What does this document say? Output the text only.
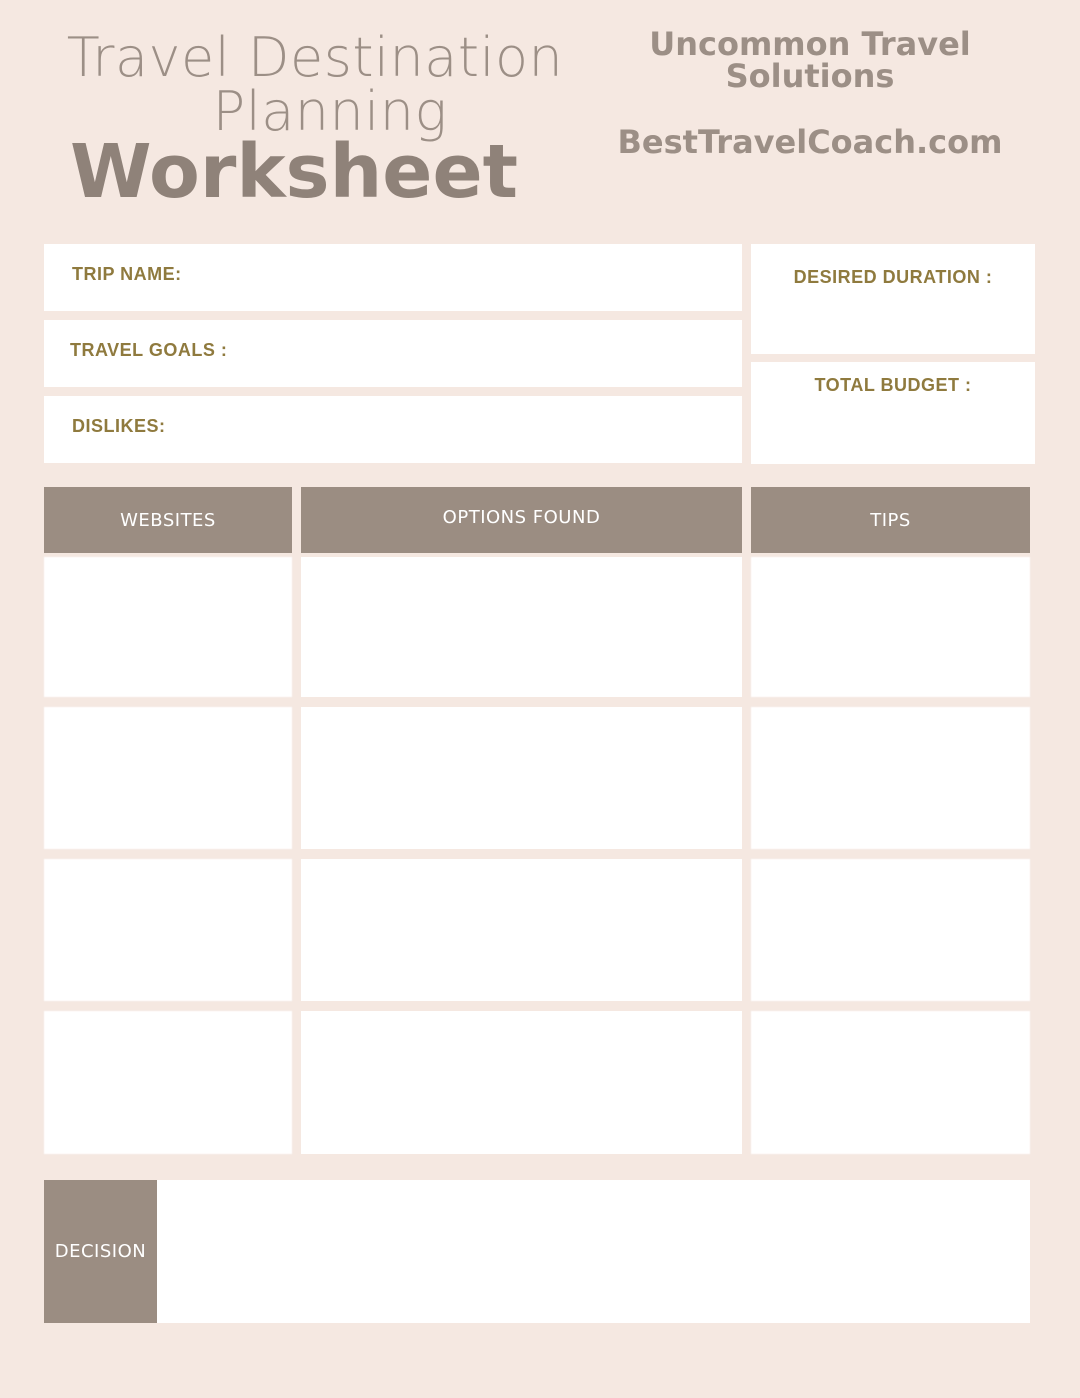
Travel Destination
Planning
Worksheet
Uncommon Travel Solutions
BestTravelCoach.com
TRIP NAME:
TRAVEL GOALS :
DISLIKES:
DESIRED DURATION :
TOTAL BUDGET :
WEBSITES	OPTIONS FOUND	TIPS
DECISION
